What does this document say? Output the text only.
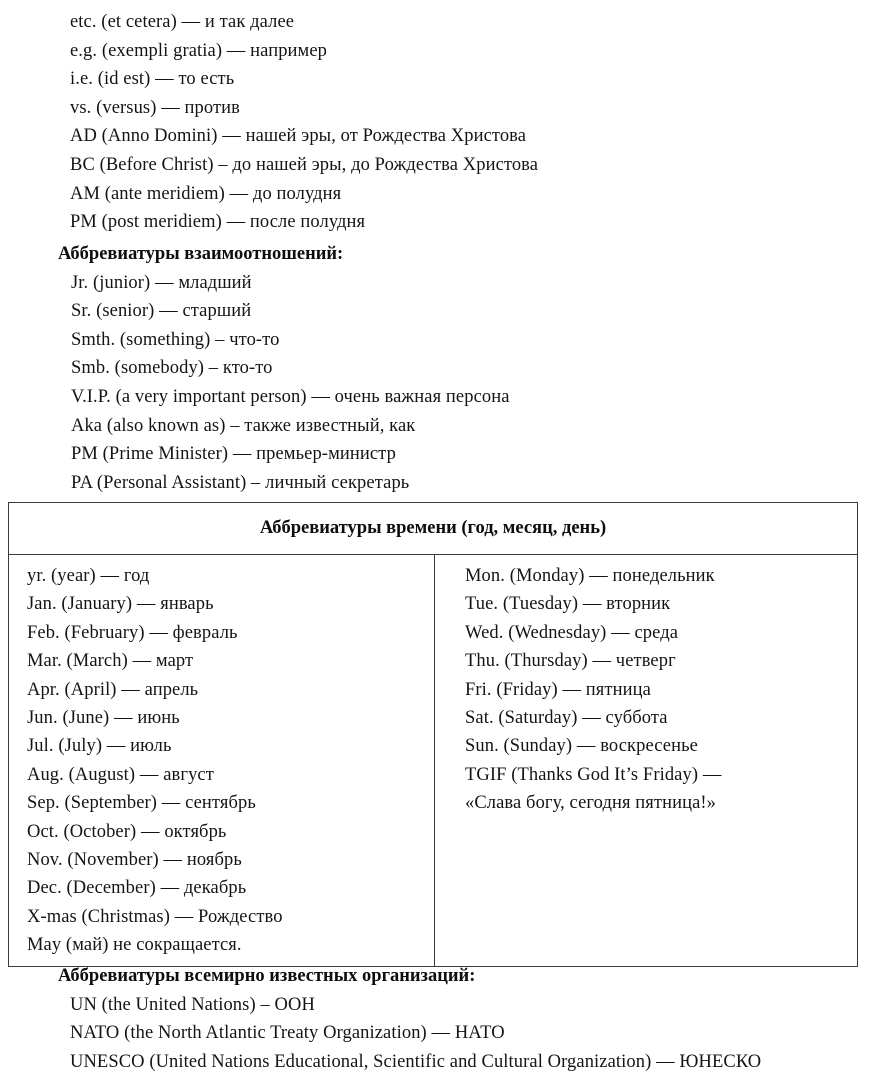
etc. (et cetera) — и так далее
e.g. (exempli gratia) — например
i.e. (id est) — то есть
vs. (versus) — против
AD (Anno Domini) — нашей эры, от Рождества Христова
BC (Before Christ) – до нашей эры, до Рождества Христова
AM (ante meridiem) — до полудня
PM (post meridiem) — после полудня
Аббревиатуры взаимоотношений:
Jr. (junior) — младший
Sr. (senior) — старший
Smth. (something) – что-то
Smb. (somebody) – кто-то
V.I.P. (a very important person) — очень важная персона
Aka (also known as) – также известный, как
PM (Prime Minister) — премьер-министр
PA (Personal Assistant) – личный секретарь
Аббревиатуры времени (год, месяц, день)
yr. (year) — год
Jan. (January) — январь
Feb. (February) — февраль
Mar. (March) — март
Apr. (April) — апрель
Jun. (June) — июнь
Jul. (July) — июль
Aug. (August) — август
Sep. (September) — сентябрь
Oct. (October) — октябрь
Nov. (November) — ноябрь
Dec. (December) — декабрь
X-mas (Christmas) — Рождество
May (май) не сокращается.
Mon. (Monday) — понедельник
Tue. (Tuesday) — вторник
Wed. (Wednesday) — среда
Thu. (Thursday) — четверг
Fri. (Friday) — пятница
Sat. (Saturday) — суббота
Sun. (Sunday) — воскресенье
TGIF (Thanks God It’s Friday) —
«Слава богу, сегодня пятница!»
Аббревиатуры всемирно известных организаций:
UN (the United Nations) – ООН
NATO (the North Atlantic Treaty Organization) — НАТО
UNESCO (United Nations Educational, Scientific and Cultural Organization) — ЮНЕСКО
